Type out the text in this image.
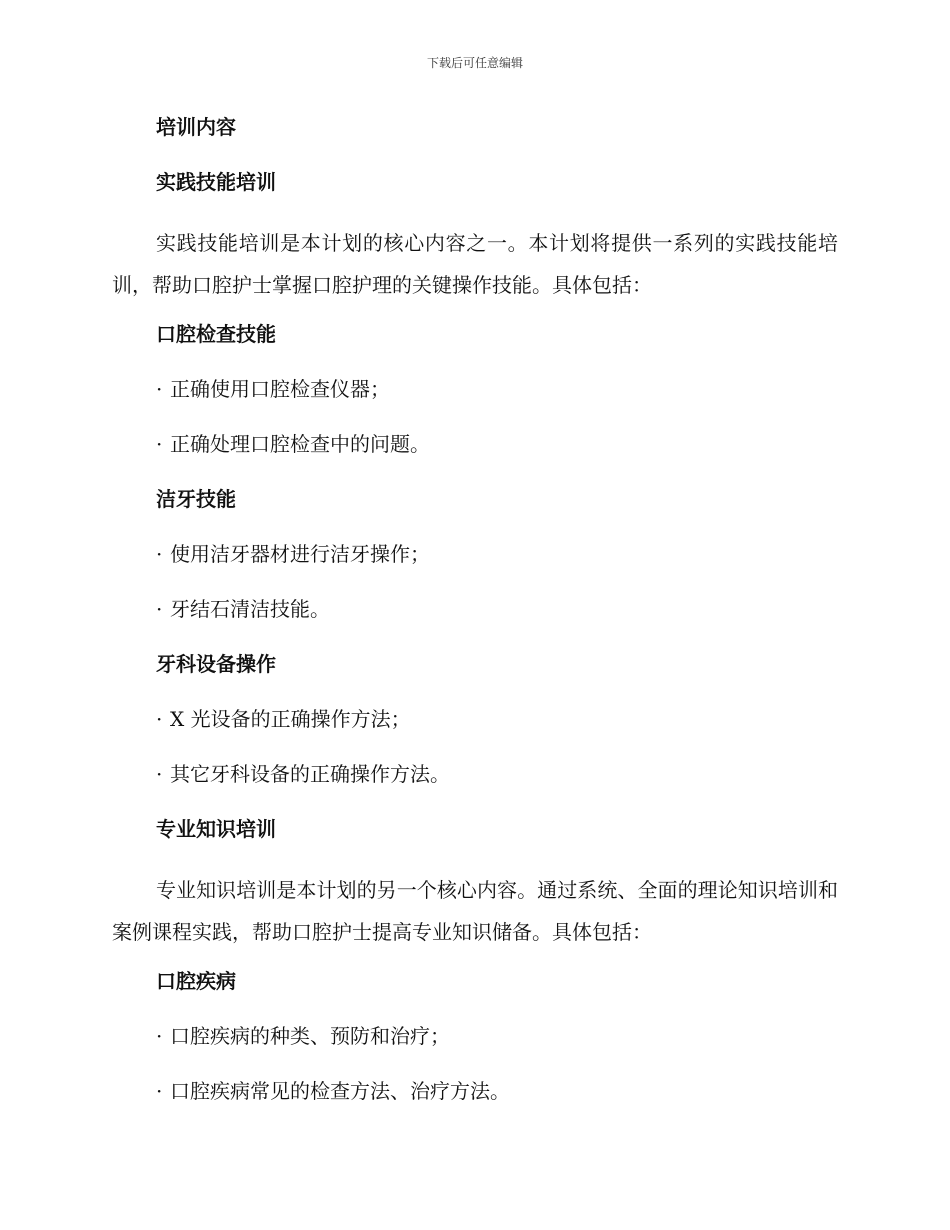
下载后可任意编辑
培训内容
实践技能培训

实践技能培训是本计划的核心内容之一。本计划将提供一系列的实践技能培训，帮助口腔护士掌握口腔护理的关键操作技能。具体包括：

口腔检查技能
· 正确使用口腔检查仪器；
· 正确处理口腔检查中的问题。
洁牙技能
· 使用洁牙器材进行洁牙操作；
· 牙结石清洁技能。
牙科设备操作
· X 光设备的正确操作方法；
· 其它牙科设备的正确操作方法。
专业知识培训

专业知识培训是本计划的另一个核心内容。通过系统、全面的理论知识培训和案例课程实践，帮助口腔护士提高专业知识储备。具体包括：

口腔疾病
· 口腔疾病的种类、预防和治疗；
· 口腔疾病常见的检查方法、治疗方法。
